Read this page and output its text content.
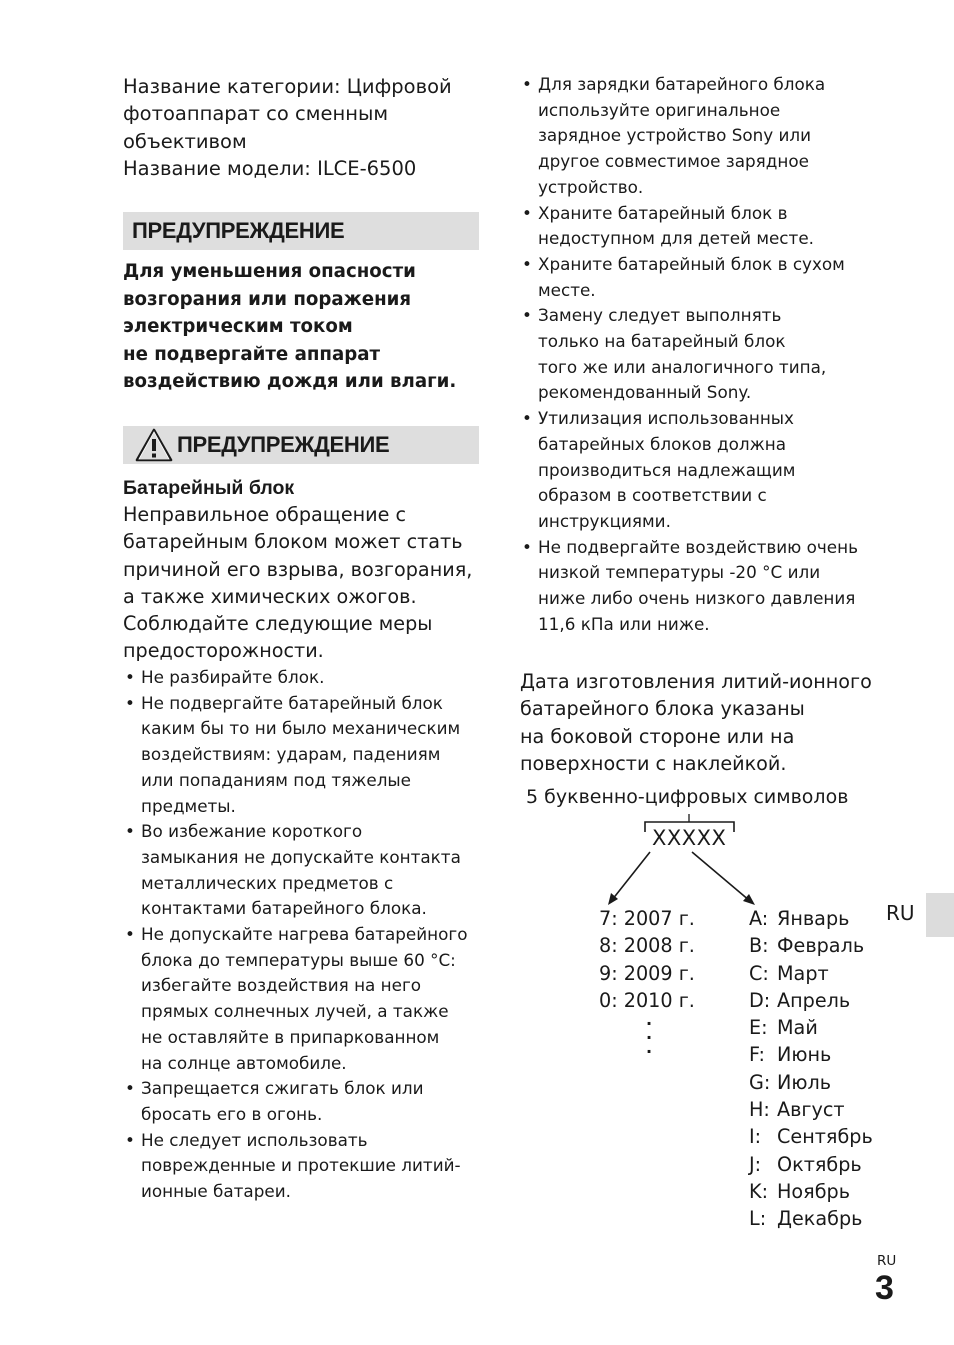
Название категории: Цифровой
фотоаппарат со сменным
объективом
Название модели: ILCE-6500
ПРЕДУПРЕЖДЕНИЕ
Для уменьшения опасности
возгорания или поражения
электрическим током
не подвергайте аппарат
воздействию дождя или влаги.
ПРЕДУПРЕЖДЕНИЕ
Батарейный блок
Неправильное обращение с
батарейным блоком может стать
причиной его взрыва, возгорания,
а также химических ожогов.
Соблюдайте следующие меры
предосторожности.
• Не разбирайте блок.
• Не подвергайте батарейный блок
каким бы то ни было механическим
воздействиям: ударам, падениям
или попаданиям под тяжелые
предметы.
• Во избежание короткого
замыкания не допускайте контакта
металлических предметов с
контактами батарейного блока.
• Не допускайте нагрева батарейного
блока до температуры выше 60 °C:
избегайте воздействия на него
прямых солнечных лучей, а также
не оставляйте в припаркованном
на солнце автомобиле.
• Запрещается сжигать блок или
бросать его в огонь.
• Не следует использовать
поврежденные и протекшие литий-
ионные батареи.
• Для зарядки батарейного блока
используйте оригинальное
зарядное устройство Sony или
другое совместимое зарядное
устройство.
• Храните батарейный блок в
недоступном для детей месте.
• Храните батарейный блок в сухом
месте.
• Замену следует выполнять
только на батарейный блок
того же или аналогичного типа,
рекомендованный Sony.
• Утилизация использованных
батарейных блоков должна
производиться надлежащим
образом в соответствии с
инструкциями.
• Не подвергайте воздействию очень
низкой температуры -20 °C или
ниже либо очень низкого давления
11,6 кПа или ниже.
Дата изготовления литий-ионного
батарейного блока указаны
на боковой стороне или на
поверхности с наклейкой.
5 буквенно-цифровых символов
XXXXX
7: 2007 г.
8: 2008 г.
9: 2009 г.
0: 2010 г.
.
.
.
A: Январь
B: Февраль
C: Март
D: Апрель
E: Май
F: Июнь
G: Июль
H: Август
I: Сентябрь
J: Октябрь
K: Ноябрь
L: Декабрь
RU
RU
3
